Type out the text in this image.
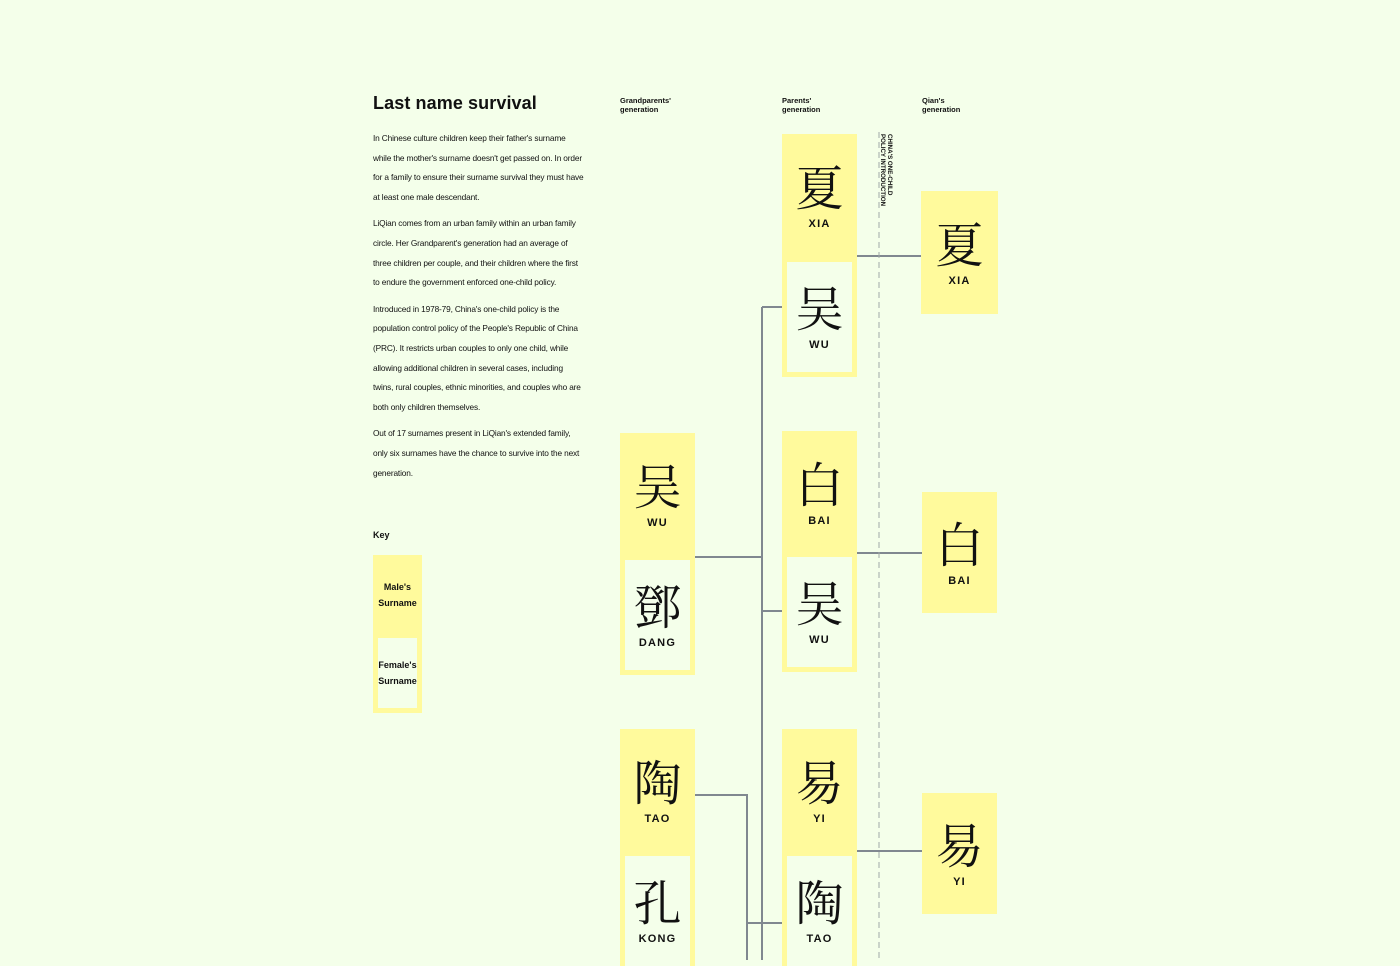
Last name survival

In Chinese culture children keep their father's surname while the mother's surname doesn't get passed on. In order for a family to ensure their surname survival they must have at least one male descendant.

LiQian comes from an urban family within an urban family circle. Her Grandparent's generation had an average of three children per couple, and their children where the first to endure the government enforced one-child policy.

Introduced in 1978-79, China's one-child policy is the population control policy of the People's Republic of China (PRC). It restricts urban couples to only one child, while allowing additional children in several cases, including twins, rural couples, ethnic minorities, and couples who are both only children themselves.

Out of 17 surnames present in LiQian's extended family, only six surnames have the chance to survive into the next generation.

Key
Male's
Surname
Female's
Surname
Grandparents'
generation
Parents'
generation
Qian's
generation
CHINA'S ONE-CHILD
POLICY INTRODUCTION
吴
WU
鄧
DANG
陶
TAO
孔
KONG
夏
XIA
吴
WU
白
BAI
吴
WU
易
YI
陶
TAO
夏
XIA
白
BAI
易
YI
